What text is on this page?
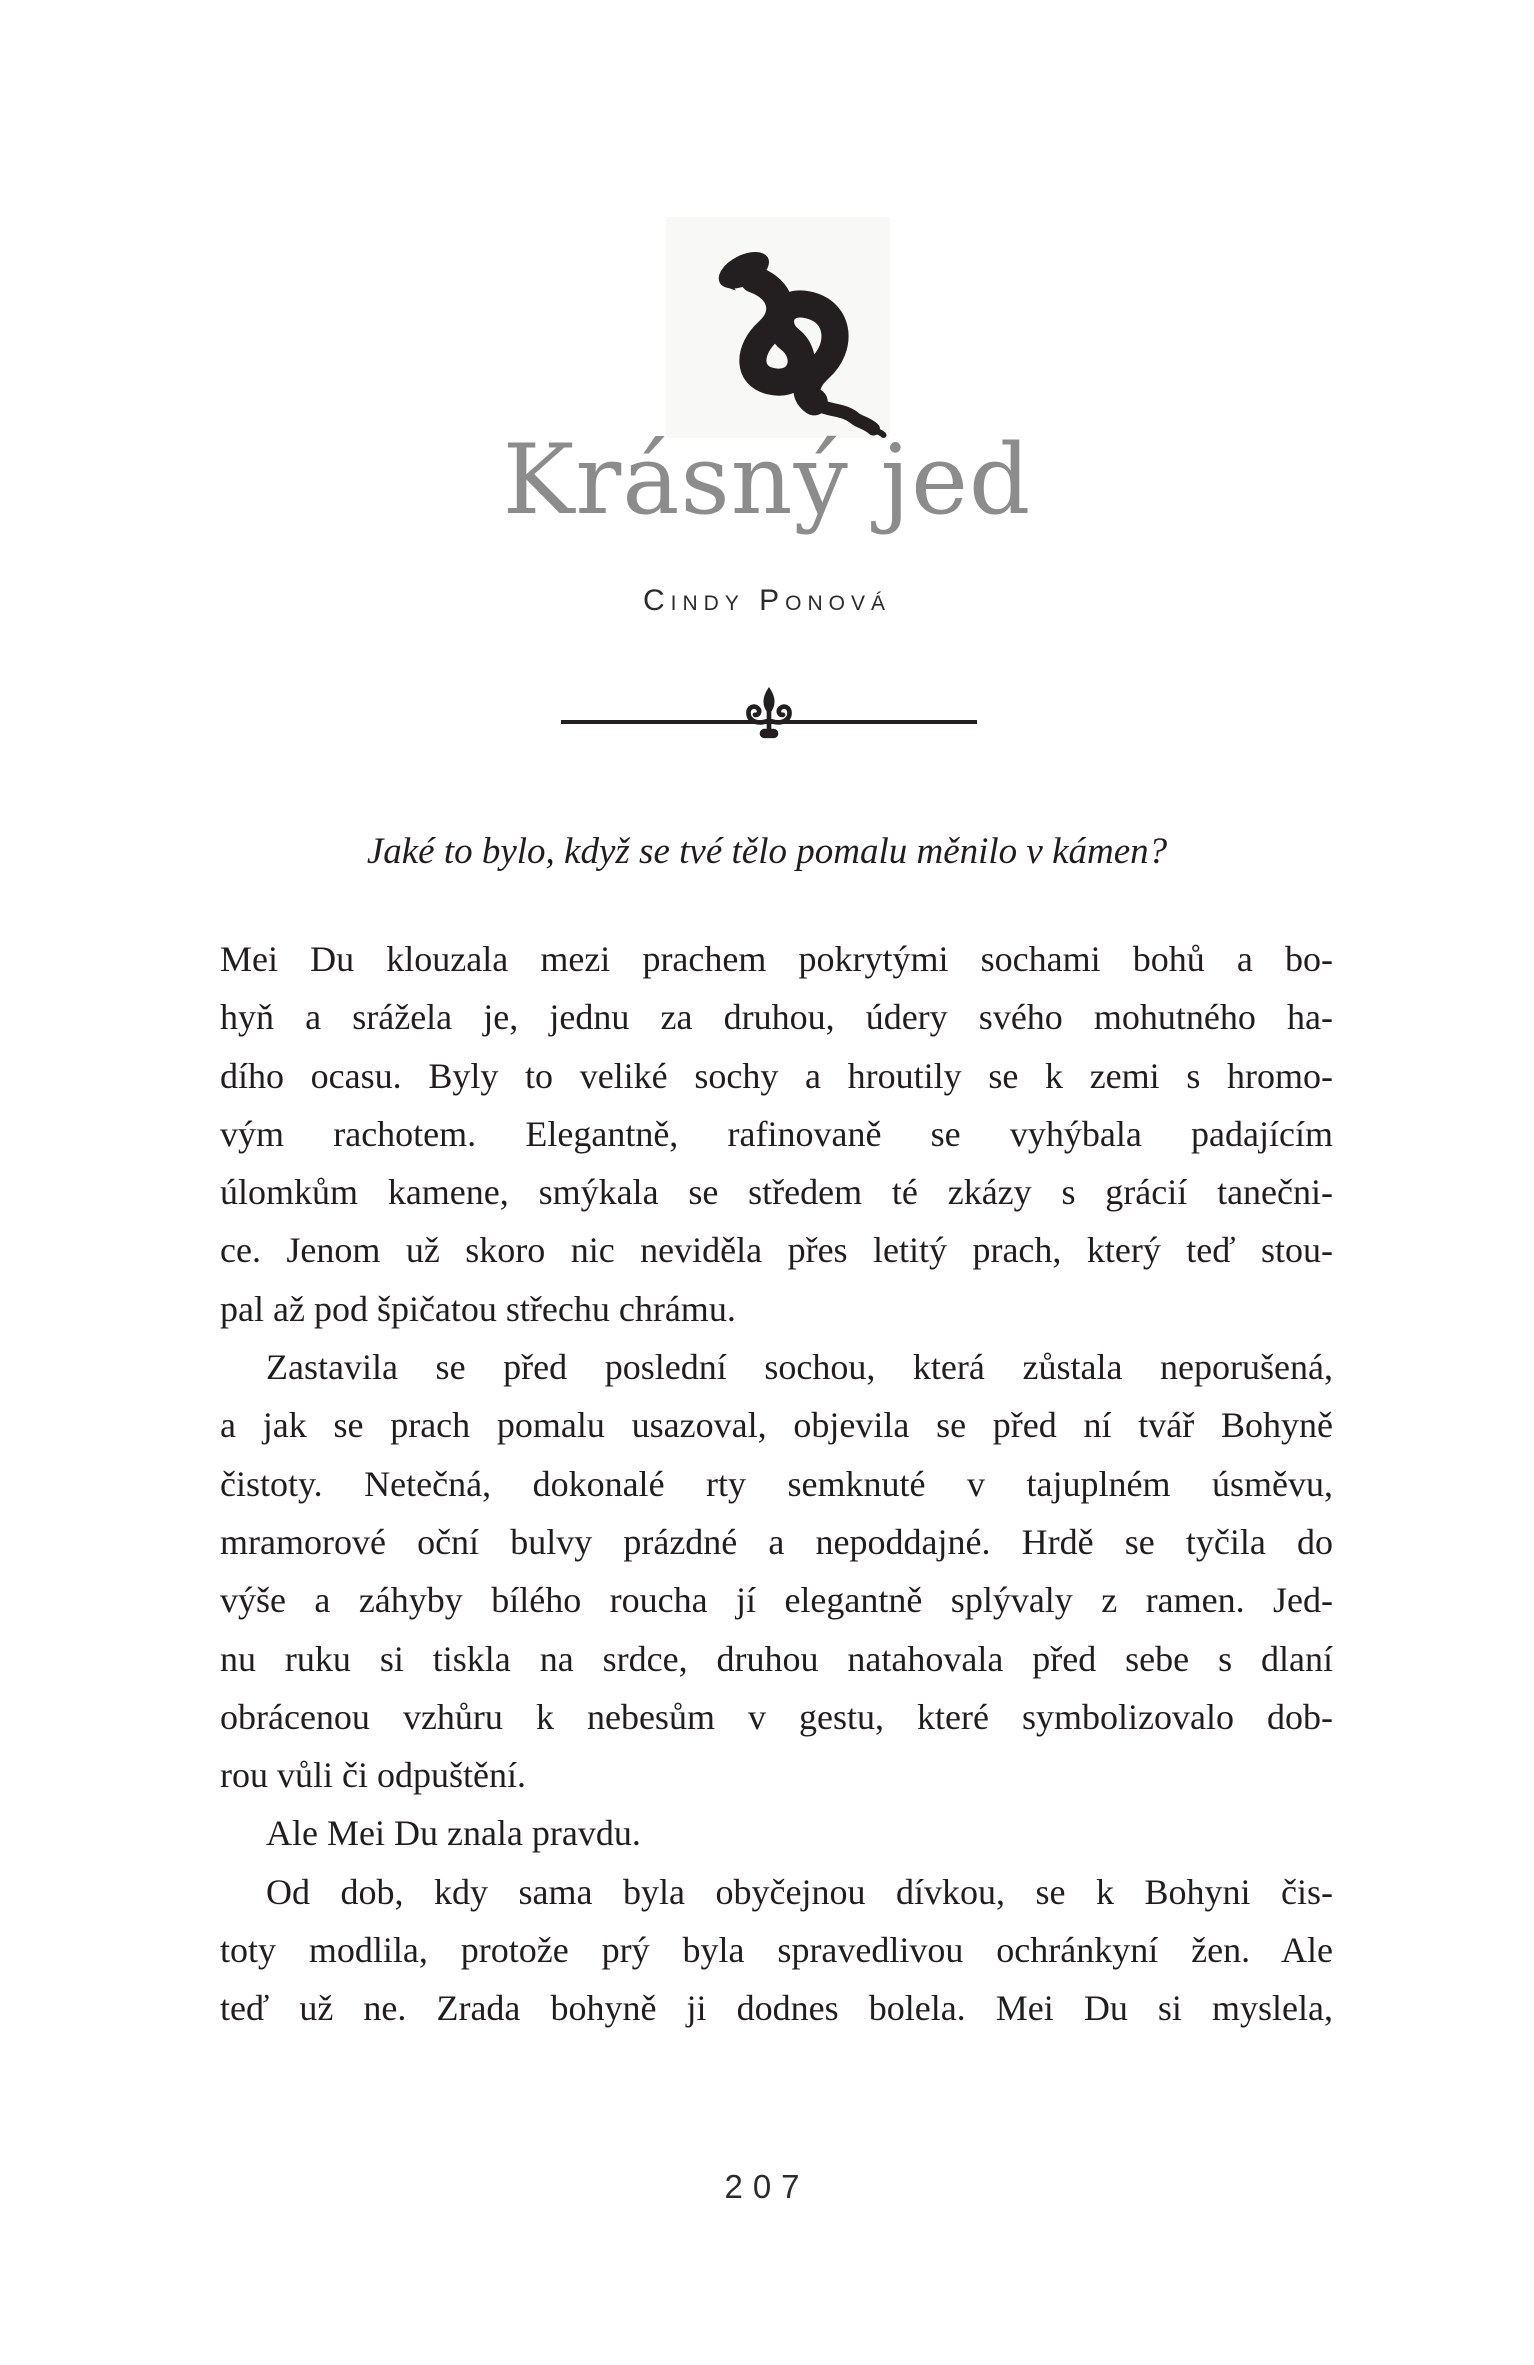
Krásný jed
Cindy Ponová
Jaké to bylo, když se tvé tělo pomalu měnilo v kámen?
Mei Du klouzala mezi prachem pokrytými sochami bohů a bo-
hyň a srážela je, jednu za druhou, údery svého mohutného ha-
dího ocasu. Byly to veliké sochy a hroutily se k zemi s hromo-
vým rachotem. Elegantně, rafinovaně se vyhýbala padajícím
úlomkům kamene, smýkala se středem té zkázy s grácií tanečni-
ce. Jenom už skoro nic neviděla přes letitý prach, který teď stou-
pal až pod špičatou střechu chrámu.
Zastavila se před poslední sochou, která zůstala neporušená,
a jak se prach pomalu usazoval, objevila se před ní tvář Bohyně
čistoty. Netečná, dokonalé rty semknuté v tajuplném úsměvu,
mramorové oční bulvy prázdné a nepoddajné. Hrdě se tyčila do
výše a záhyby bílého roucha jí elegantně splývaly z ramen. Jed-
nu ruku si tiskla na srdce, druhou natahovala před sebe s dlaní
obrácenou vzhůru k nebesům v gestu, které symbolizovalo dob-
rou vůli či odpuštění.
Ale Mei Du znala pravdu.
Od dob, kdy sama byla obyčejnou dívkou, se k Bohyni čis-
toty modlila, protože prý byla spravedlivou ochránkyní žen. Ale
teď už ne. Zrada bohyně ji dodnes bolela. Mei Du si myslela,
207
